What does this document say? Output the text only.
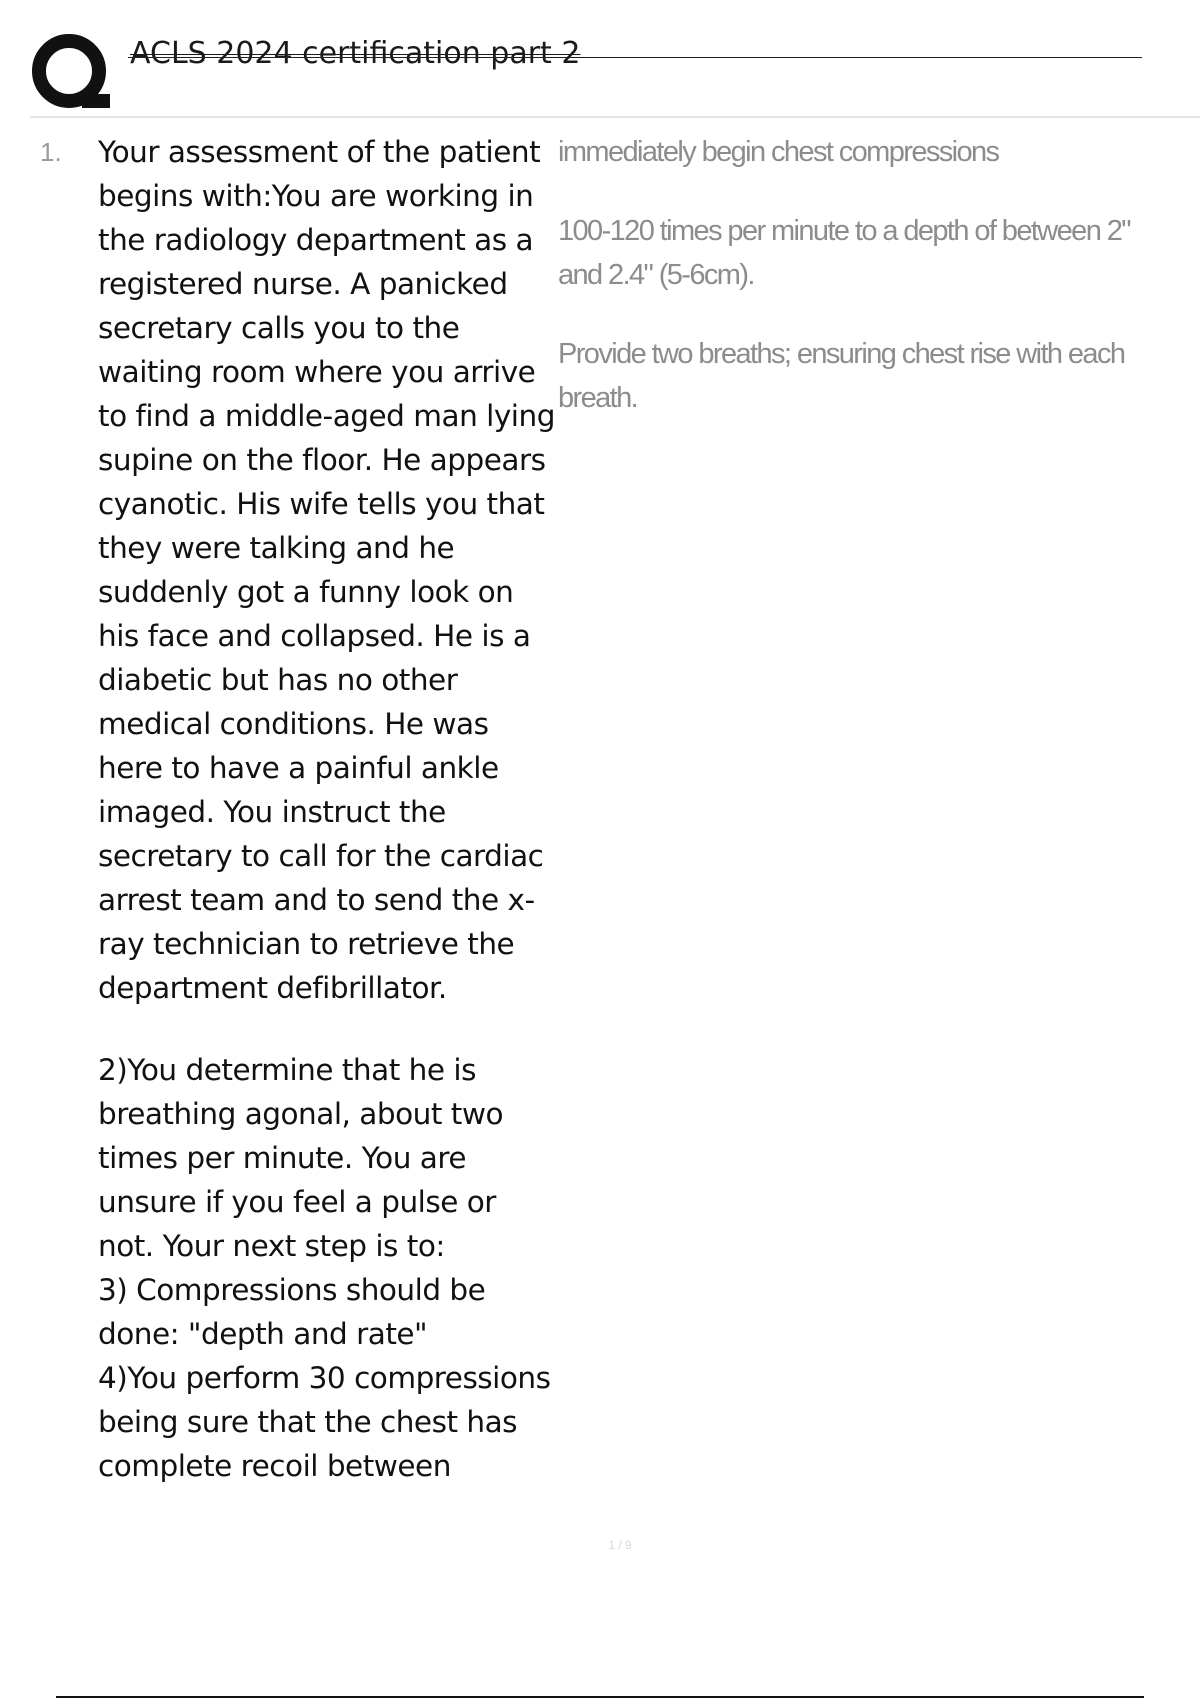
ACLS 2024 certification part 2
1. Your assessment of the patient begins with:You are working in the radiology department as a registered nurse. A panicked secretary calls you to the waiting room where you arrive to find a middle-aged man lying supine on the floor. He appears cyanotic. His wife tells you that they were talking and he suddenly got a funny look on his face and collapsed. He is a diabetic but has no other medical conditions. He was here to have a painful ankle imaged. You instruct the secretary to call for the cardiac arrest team and to send the x-ray technician to retrieve the department defibrillator.

2)You determine that he is breathing agonal, about two times per minute. You are unsure if you feel a pulse or not. Your next step is to:

3) Compressions should be done: "depth and rate"

4)You perform 30 compressions being sure that the chest has complete recoil between

immediately begin chest compressions

100-120 times per minute to a depth of between 2" and 2.4" (5-6cm).

Provide two breaths; ensuring chest rise with each breath.

1 / 9
